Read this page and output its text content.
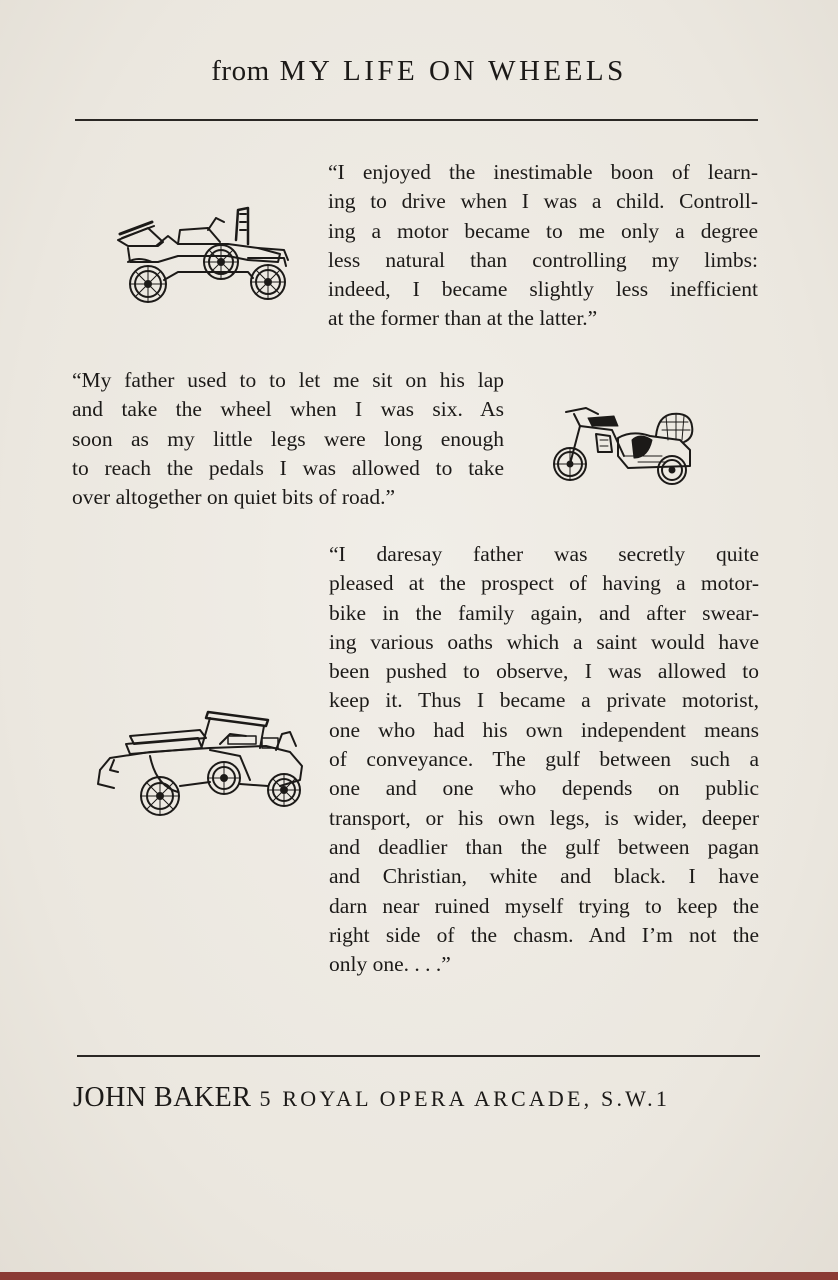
from MY LIFE ON WHEELS
“I enjoyed the inestimable boon of learn-
ing to drive when I was a child. Controll-
ing a motor became to me only a degree
less natural than controlling my limbs:
indeed, I became slightly less inefficient
at the former than at the latter.”
“My father used to to let me sit on his lap
and take the wheel when I was six. As
soon as my little legs were long enough
to reach the pedals I was allowed to take
over altogether on quiet bits of road.”
“I daresay father was secretly quite
pleased at the prospect of having a motor-
bike in the family again, and after swear-
ing various oaths which a saint would have
been pushed to observe, I was allowed to
keep it. Thus I became a private motorist,
one who had his own independent means
of conveyance. The gulf between such a
one and one who depends on public
transport, or his own legs, is wider, deeper
and deadlier than the gulf between pagan
and Christian, white and black. I have
darn near ruined myself trying to keep the
right side of the chasm. And I’m not the
only one. . . .”
JOHN BAKER 5 ROYAL OPERA ARCADE, S.W.1
